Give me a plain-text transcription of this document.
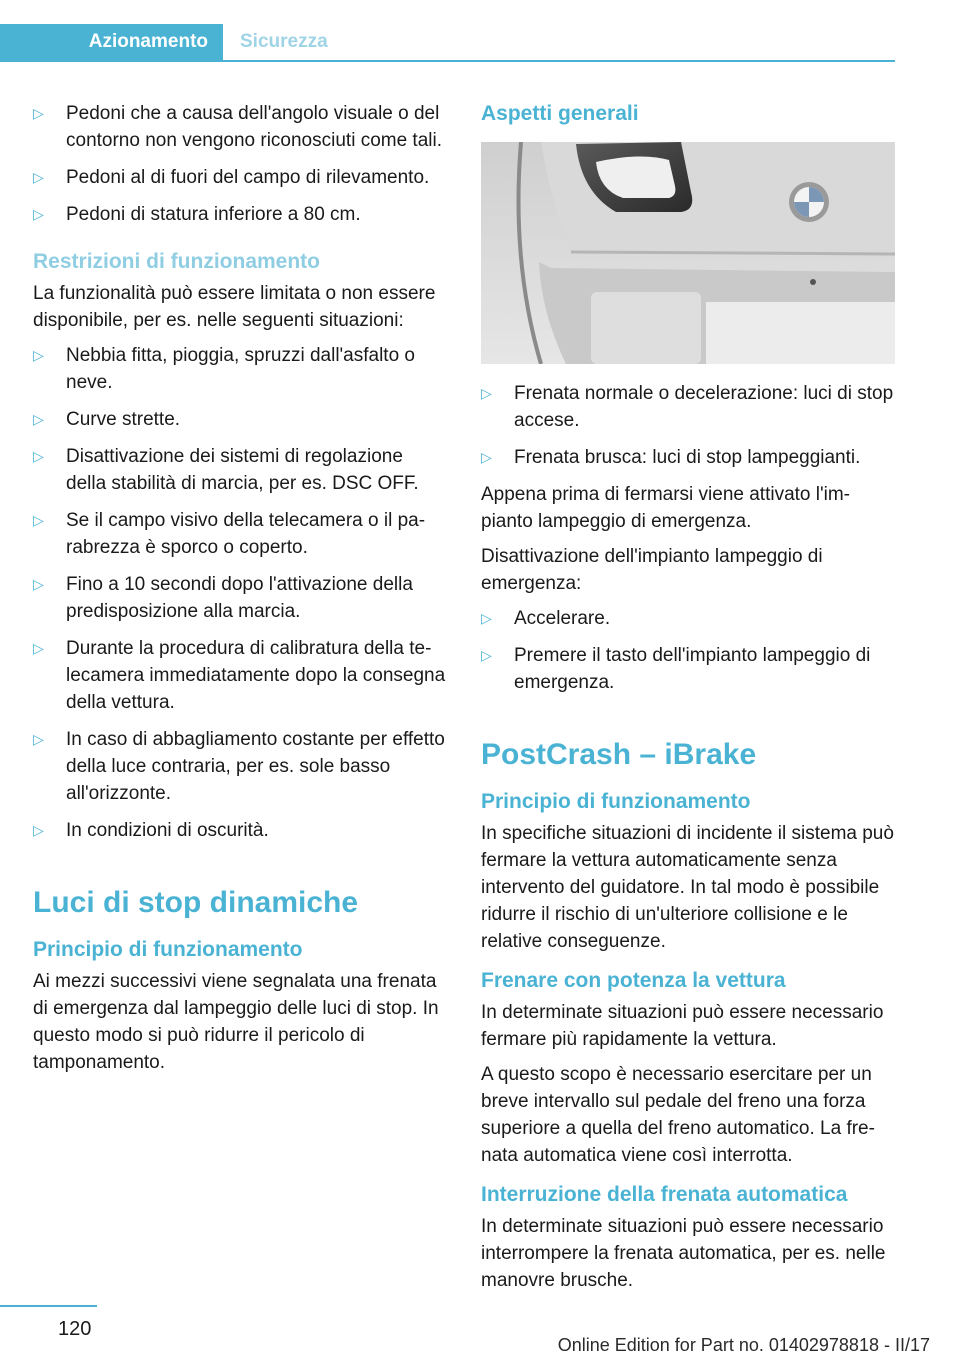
Azionamento	Sicurezza
▷ Pedoni che a causa dell'angolo visuale o del contorno non vengono riconosciuti come tali.
▷ Pedoni al di fuori del campo di rilevamento.
▷ Pedoni di statura inferiore a 80 cm.
Restrizioni di funzionamento

La funzionalità può essere limitata o non essere disponibile, per es. nelle seguenti situazioni:

▷ Nebbia fitta, pioggia, spruzzi dall'asfalto o neve.
▷ Curve strette.
▷ Disattivazione dei sistemi di regolazione della stabilità di marcia, per es. DSC OFF.
▷ Se il campo visivo della telecamera o il parabrezza è sporco o coperto.
▷ Fino a 10 secondi dopo l'attivazione della predisposizione alla marcia.
▷ Durante la procedura di calibratura della telecamera immediatamente dopo la consegna della vettura.
▷ In caso di abbagliamento costante per effetto della luce contraria, per es. sole basso all'orizzonte.
▷ In condizioni di oscurità.
Luci di stop dinamiche
Principio di funzionamento

Ai mezzi successivi viene segnalata una frenata di emergenza dal lampeggio delle luci di stop. In questo modo si può ridurre il pericolo di tamponamento.

Aspetti generali
▷ Frenata normale o decelerazione: luci di stop accese.
▷ Frenata brusca: luci di stop lampeggianti.

Appena prima di fermarsi viene attivato l'impianto lampeggio di emergenza.

Disattivazione dell'impianto lampeggio di emergenza:

▷ Accelerare.
▷ Premere il tasto dell'impianto lampeggio di emergenza.
PostCrash – iBrake
Principio di funzionamento

In specifiche situazioni di incidente il sistema può fermare la vettura automaticamente senza intervento del guidatore. In tal modo è possibile ridurre il rischio di un'ulteriore collisione e le relative conseguenze.

Frenare con potenza la vettura

In determinate situazioni può essere necessario fermare più rapidamente la vettura.

A questo scopo è necessario esercitare per un breve intervallo sul pedale del freno una forza superiore a quella del freno automatico. La frenata automatica viene così interrotta.

Interruzione della frenata automatica

In determinate situazioni può essere necessario interrompere la frenata automatica, per es. nelle manovre brusche.

120
Online Edition for Part no. 01402978818 - II/17
